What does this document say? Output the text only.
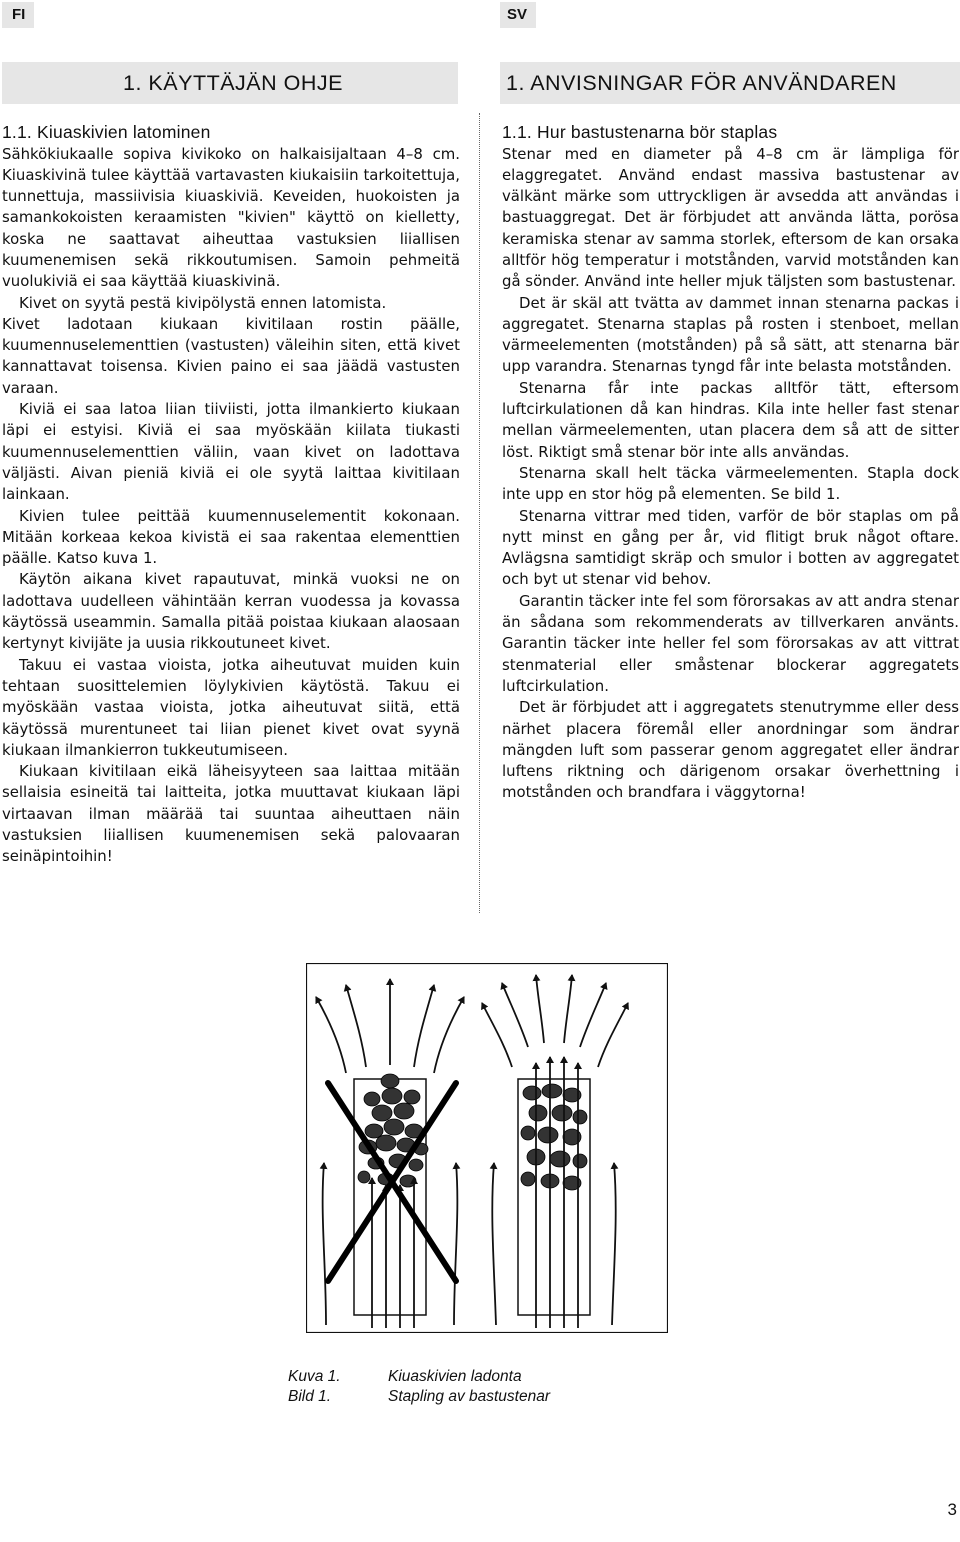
FI	SV
1. KÄYTTÄJÄN OHJE	1. ANVISNINGAR FÖR ANVÄNDAREN
1.1. Kiuaskivien latominen

Sähkökiukaalle sopiva kivikoko on halkaisijaltaan 4–8 cm. Kiuaskivinä tulee käyttää vartavasten kiukaisiin tarkoitettuja, tunnettuja, massiivisia kiuaskiviä. Keveiden, huokoisten ja samankokoisten keraamisten "kivien" käyttö on kielletty, koska ne saattavat aiheuttaa vastuksien liiallisen kuumenemisen sekä rikkoutumisen. Samoin pehmeitä vuolukiviä ei saa käyttää kiuaskivinä.

Kivet on syytä pestä kivipölystä ennen latomista.

Kivet ladotaan kiukaan kivitilaan rostin päälle, kuumennuselementtien (vastusten) väleihin siten, että kivet kannattavat toisensa. Kivien paino ei saa jäädä vastusten varaan.

Kiviä ei saa latoa liian tiiviisti, jotta ilmankierto kiukaan läpi ei estyisi. Kiviä ei saa myöskään kiilata tiukasti kuumennuselementtien väliin, vaan kivet on ladottava väljästi. Aivan pieniä kiviä ei ole syytä laittaa kivitilaan lainkaan.

Kivien tulee peittää kuumennuselementit kokonaan. Mitään korkeaa kekoa kivistä ei saa rakentaa elementtien päälle. Katso kuva 1.

Käytön aikana kivet rapautuvat, minkä vuoksi ne on ladottava uudelleen vähintään kerran vuodessa ja kovassa käytössä useammin. Samalla pitää poistaa kiukaan alaosaan kertynyt kivijäte ja uusia rikkoutuneet kivet.

Takuu ei vastaa vioista, jotka aiheutuvat muiden kuin tehtaan suosittelemien löylykivien käytöstä. Takuu ei myöskään vastaa vioista, jotka aiheutuvat siitä, että käytössä murentuneet tai liian pienet kivet ovat syynä kiukaan ilmankierron tukkeutumiseen.

Kiukaan kivitilaan eikä läheisyyteen saa laittaa mitään sellaisia esineitä tai laitteita, jotka muuttavat kiukaan läpi virtaavan ilman määrää tai suuntaa aiheuttaen näin vastuksien liiallisen kuumenemisen sekä palovaaran seinäpintoihin!

1.1. Hur bastustenarna bör staplas

Stenar med en diameter på 4–8 cm är lämpliga för elaggregatet. Använd endast massiva bastustenar av välkänt märke som uttryckligen är avsedda att användas i bastuaggregat. Det är förbjudet att använda lätta, porösa keramiska stenar av samma storlek, eftersom de kan orsaka alltför hög temperatur i motstånden, varvid motstånden kan gå sönder. Använd inte heller mjuk täljsten som bastustenar.

Det är skäl att tvätta av dammet innan stenarna packas i aggregatet. Stenarna staplas på rosten i stenboet, mellan värmeelementen (motstånden) på så sätt, att stenarna bär upp varandra. Stenarnas tyngd får inte belasta motstånden.

Stenarna får inte packas alltför tätt, eftersom luftcirkulationen då kan hindras. Kila inte heller fast stenar mellan värmeelementen, utan placera dem så att de sitter löst. Riktigt små stenar bör inte alls användas.

Stenarna skall helt täcka värmeelementen. Stapla dock inte upp en stor hög på elementen. Se bild 1.

Stenarna vittrar med tiden, varför de bör staplas om på nytt minst en gång per år, vid flitigt bruk något oftare. Avlägsna samtidigt skräp och smulor i botten av aggregatet och byt ut stenar vid behov.

Garantin täcker inte fel som förorsakas av att andra stenar än sådana som rekommenderats av tillverkaren använts. Garantin täcker inte heller fel som förorsakas av att vittrat stenmaterial eller småstenar blockerar aggregatets luftcirkulation.

Det är förbjudet att i aggregatets stenutrymme eller dess närhet placera föremål eller anordningar som ändrar mängden luft som passerar genom aggregatet eller ändrar luftens riktning och därigenom orsakar överhettning i motstånden och brandfara i väggytorna!

Kuva 1.	Kiuaskivien ladonta
Bild 1.	Stapling av bastustenar
3
